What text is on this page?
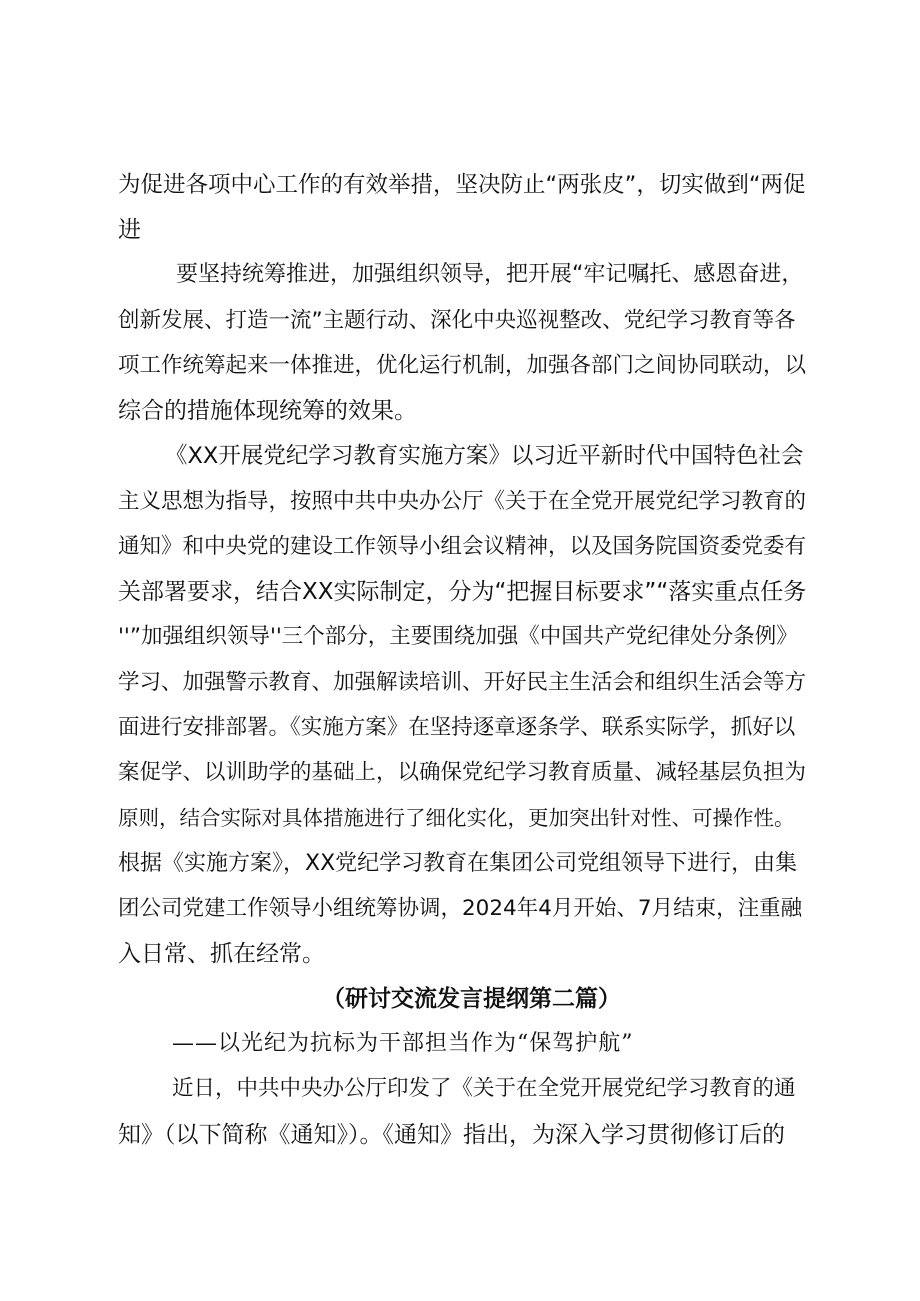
为促进各项中心工作的有效举措，坚决防止“两张皮”，切实做到“两促
进
要坚持统筹推进，加强组织领导，把开展“牢记嘱托、感恩奋进，
创新发展、打造一流”主题行动、深化中央巡视整改、党纪学习教育等各
项工作统筹起来一体推进，优化运行机制，加强各部门之间协同联动，以
综合的措施体现统筹的效果。
《XX开展党纪学习教育实施方案》以习近平新时代中国特色社会
主义思想为指导，按照中共中央办公厅《关于在全党开展党纪学习教育的
通知》和中央党的建设工作领导小组会议精神，以及国务院国资委党委有
关部署要求，结合XX实际制定，分为“把握目标要求”“落实重点任务
''”加强组织领导''三个部分，主要围绕加强《中国共产党纪律处分条例》
学习、加强警示教育、加强解读培训、开好民主生活会和组织生活会等方
面进行安排部署。《实施方案》在坚持逐章逐条学、联系实际学，抓好以
案促学、以训助学的基础上，以确保党纪学习教育质量、减轻基层负担为
原则，结合实际对具体措施进行了细化实化，更加突出针对性、可操作性。
根据《实施方案》，XX党纪学习教育在集团公司党组领导下进行，由集
团公司党建工作领导小组统筹协调，2024年4月开始、7月结束，注重融
入日常、抓在经常。
（研讨交流发言提纲第二篇）
——以光纪为抗标为干部担当作为“保驾护航”
近日，中共中央办公厅印发了《关于在全党开展党纪学习教育的通
知》（以下简称《通知》）。《通知》指出，为深入学习贯彻修订后的
